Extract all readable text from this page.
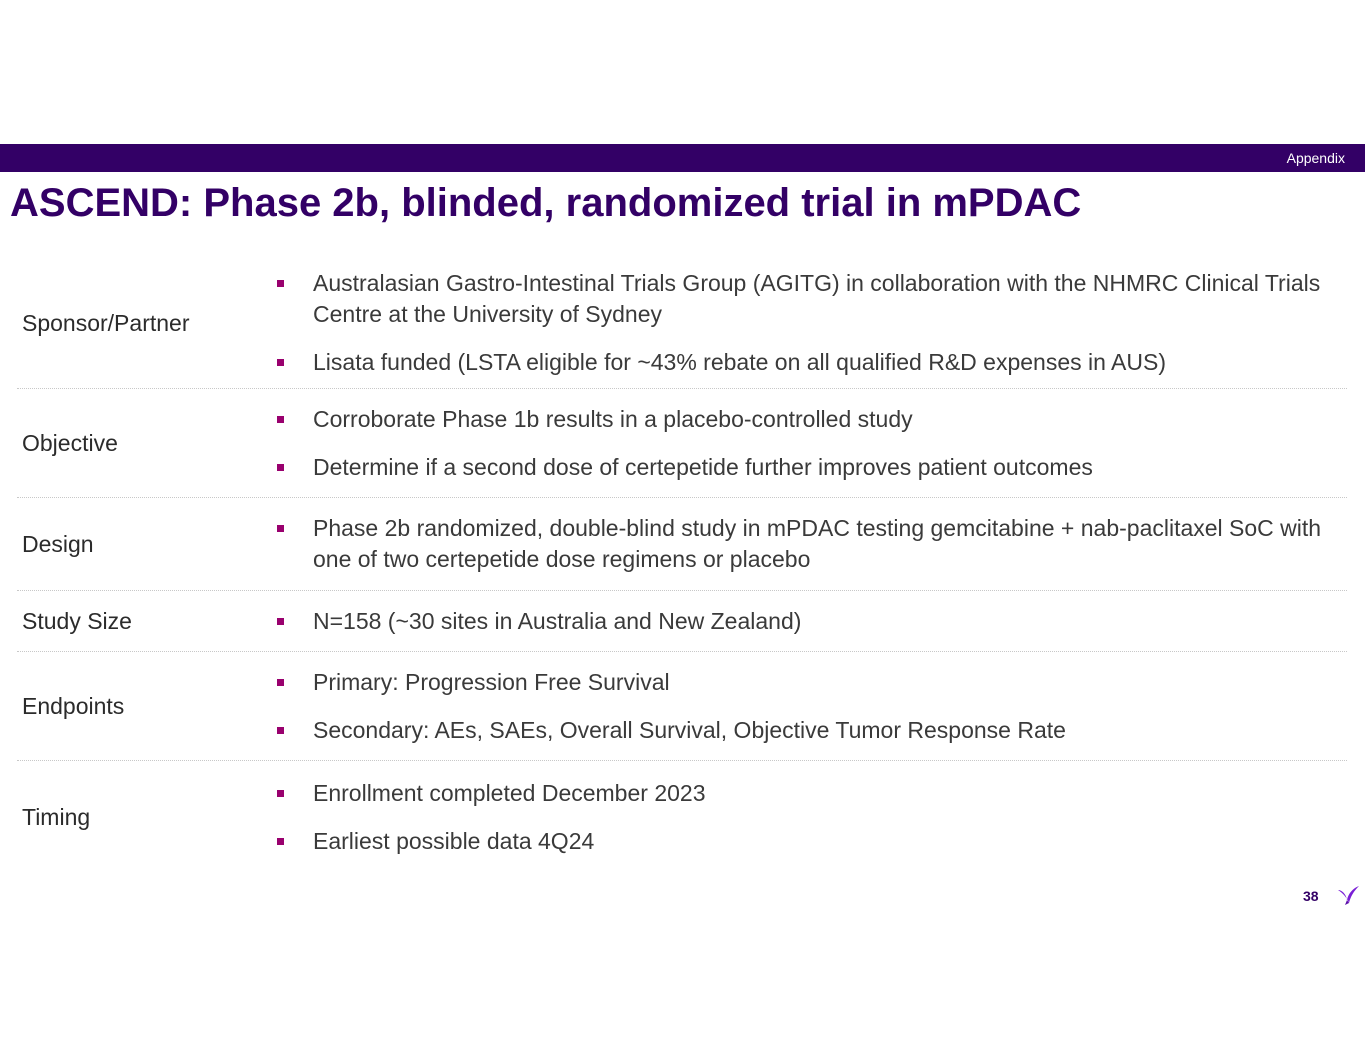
Appendix
ASCEND: Phase 2b, blinded, randomized trial in mPDAC
Sponsor/Partner
Australasian Gastro-Intestinal Trials Group (AGITG) in collaboration with the NHMRC Clinical Trials Centre at the University of Sydney
Lisata funded (LSTA eligible for ~43% rebate on all qualified R&D expenses in AUS)
Objective
Corroborate Phase 1b results in a placebo-controlled study
Determine if a second dose of certepetide further improves patient outcomes
Design
Phase 2b randomized, double-blind study in mPDAC testing gemcitabine + nab-paclitaxel SoC with one of two certepetide dose regimens or placebo
Study Size	N=158 (~30 sites in Australia and New Zealand)
Endpoints
Primary: Progression Free Survival
Secondary: AEs, SAEs, Overall Survival, Objective Tumor Response Rate
Timing
Enrollment completed December 2023
Earliest possible data 4Q24
38
